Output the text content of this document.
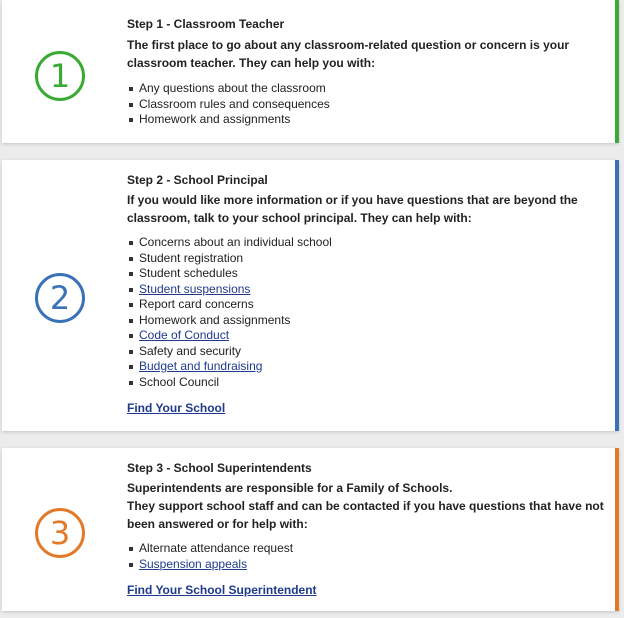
1
Step 1 - Classroom Teacher
The first place to go about any classroom-related question or concern is your classroom teacher. They can help you with:
Any questions about the classroom
Classroom rules and consequences
Homework and assignments
2
Step 2 - School Principal
If you would like more information or if you have questions that are beyond the classroom, talk to your school principal. They can help with:
Concerns about an individual school
Student registration
Student schedules
Student suspensions
Report card concerns
Homework and assignments
Code of Conduct
Safety and security
Budget and fundraising
School Council
Find Your School
3
Step 3 - School Superintendents
Superintendents are responsible for a Family of Schools.
They support school staff and can be contacted if you have questions that have not been answered or for help with:
Alternate attendance request
Suspension appeals
Find Your School Superintendent
